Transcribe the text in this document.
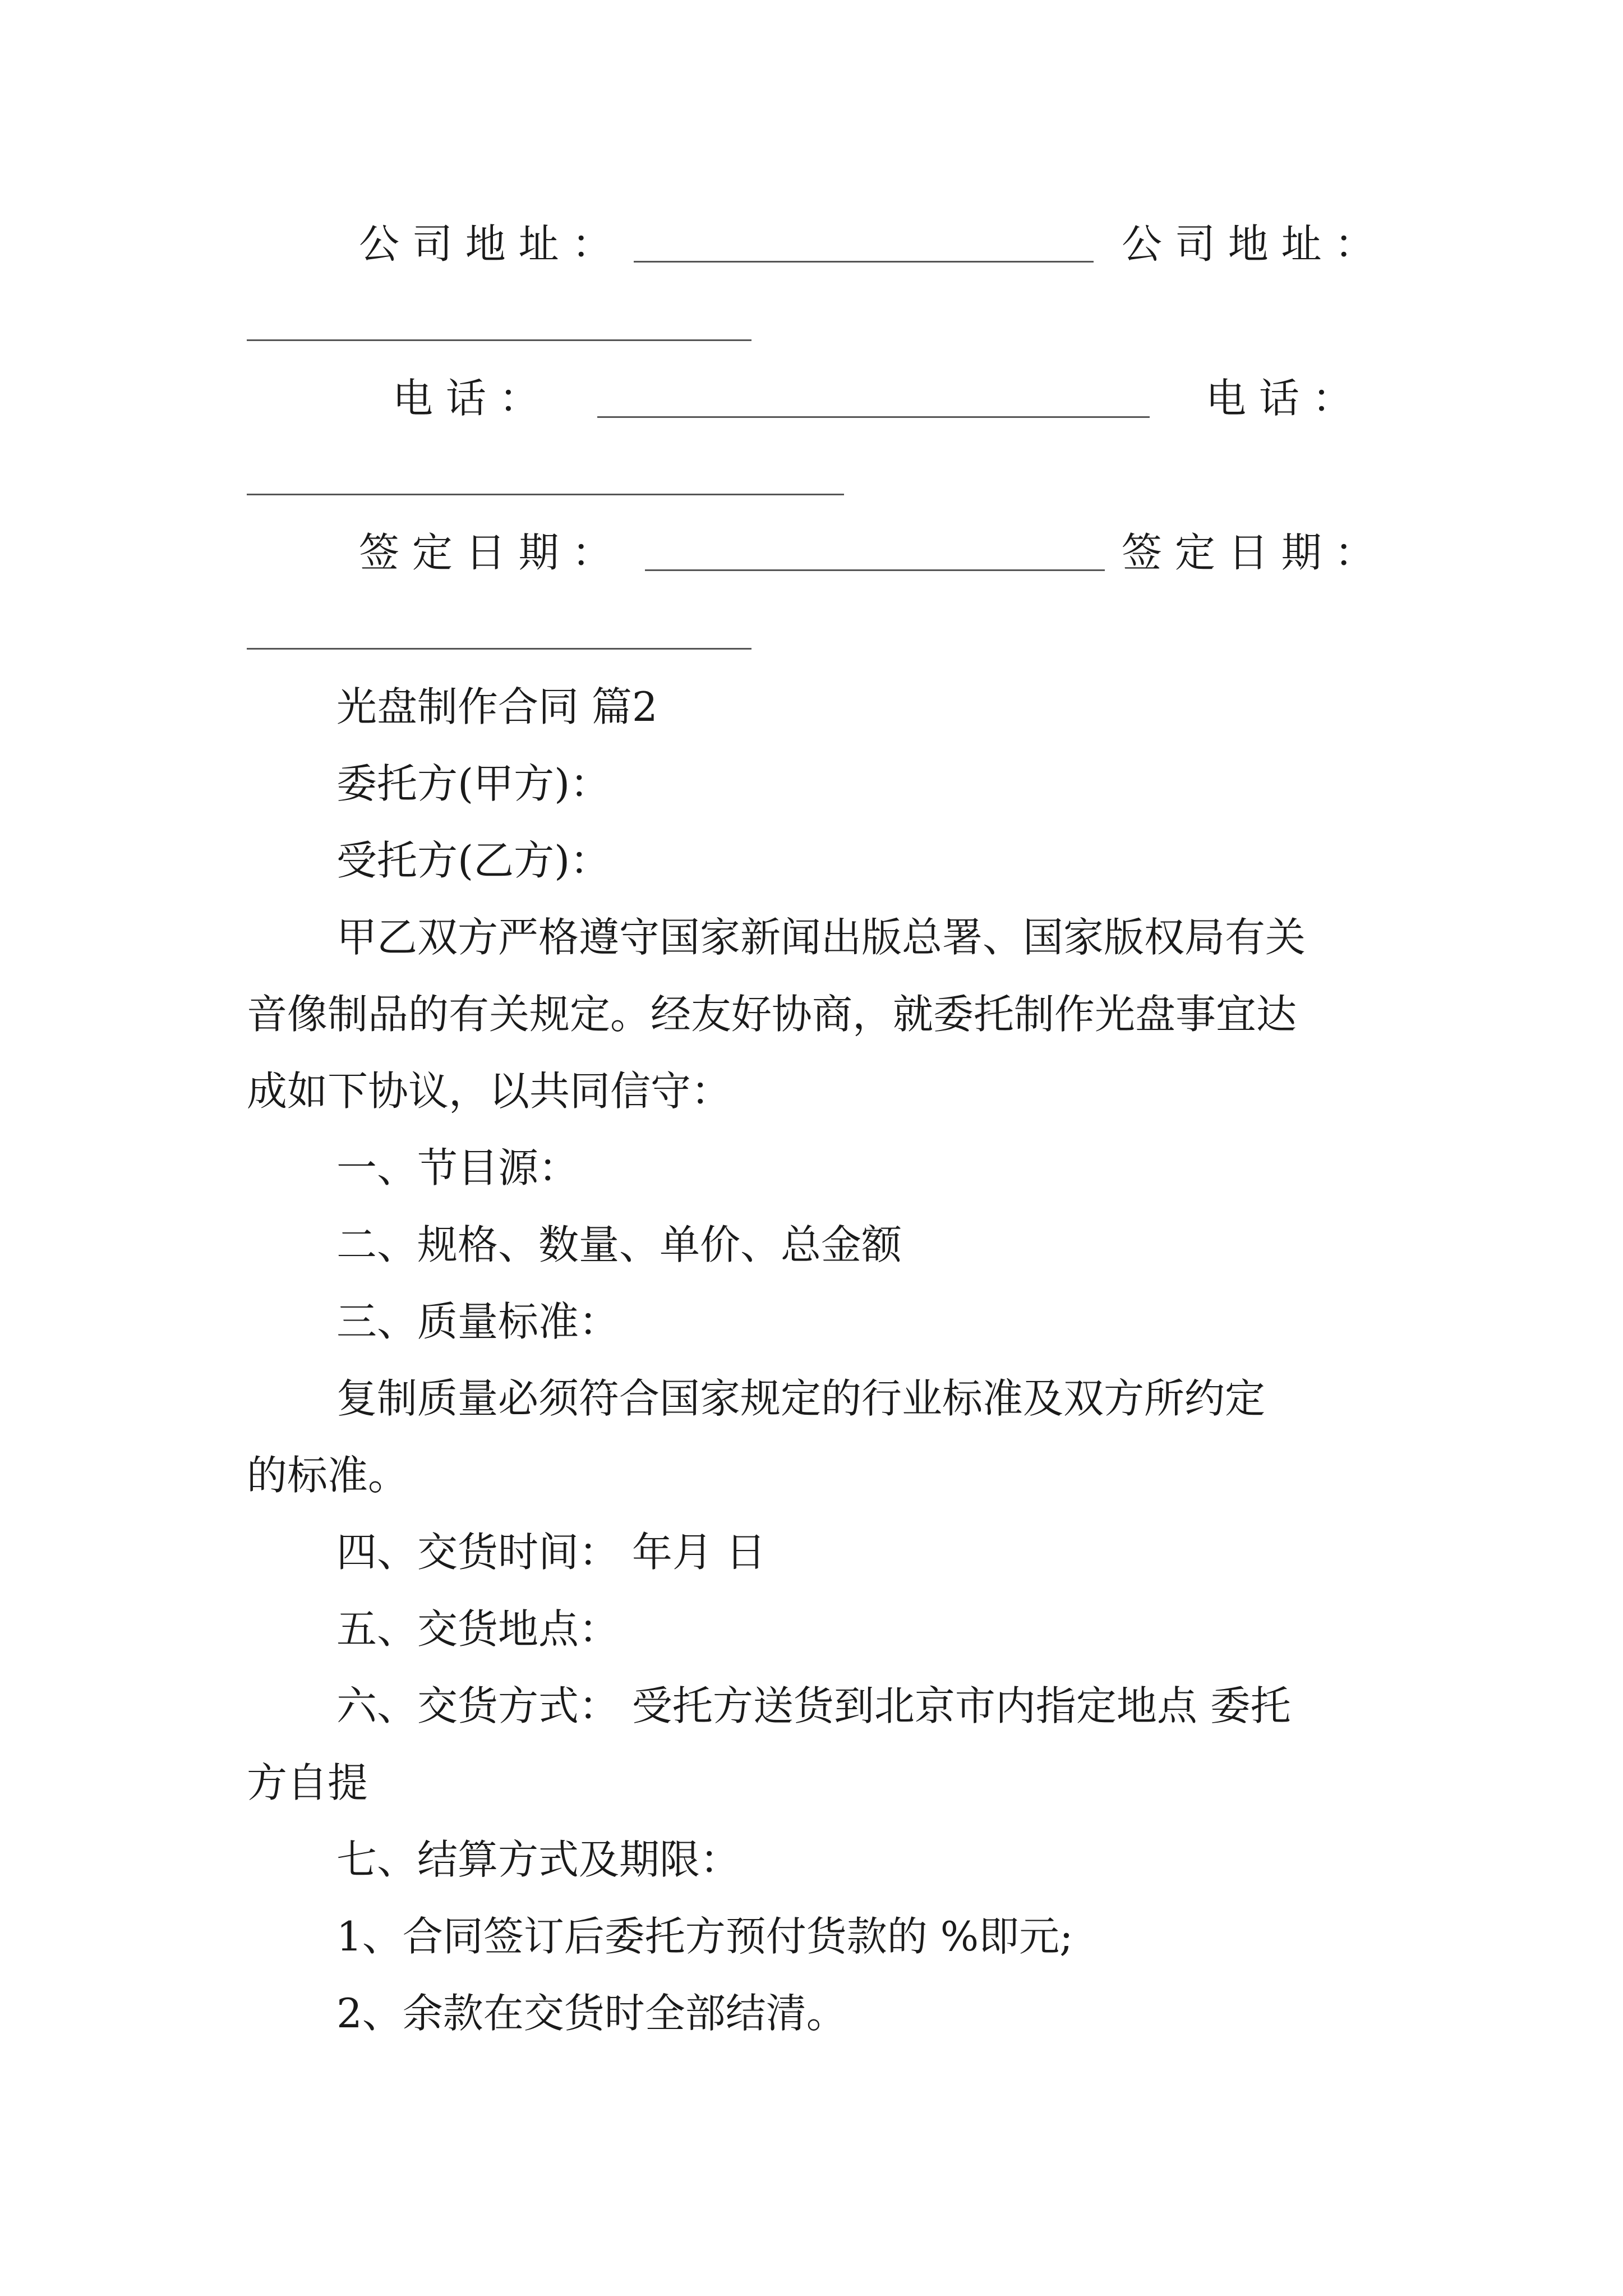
公 司 地 址 ：	公 司 地 址 ：
电 话 ：	电 话 ：
签 定 日 期 ：	签 定 日 期 ：
光盘制作合同 篇2
委托方(甲方)：
受托方(乙方)：
甲乙双方严格遵守国家新闻出版总署、国家版权局有关
音像制品的有关规定。经友好协商，就委托制作光盘事宜达
成如下协议，以共同信守：
一、节目源：
二、规格、数量、单价、总金额
三、质量标准：
复制质量必须符合国家规定的行业标准及双方所约定
的标准。
四、交货时间： 年月 日
五、交货地点：
六、交货方式： 受托方送货到北京市内指定地点 委托
方自提
七、结算方式及期限：
1、合同签订后委托方预付货款的 %即元;
2、余款在交货时全部结清。
